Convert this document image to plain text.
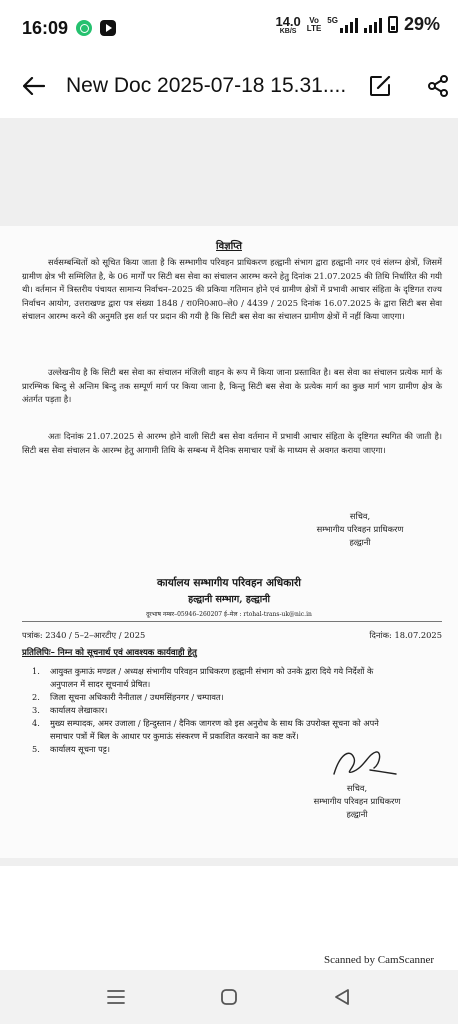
16:09	14.0
KB/S
Vo
LTE
5G	29%
New Doc 2025-07-18 15.31....
विज्ञप्ति

सर्वसम्बन्धितों को सूचित किया जाता है कि सम्भागीय परिवहन प्राधिकरण हल्द्वानी संभाग द्वारा हल्द्वानी नगर एवं संलग्न क्षेत्रों, जिसमें ग्रामीण क्षेत्र भी सम्मिलित है, के 06 मार्गों पर सिटी बस सेवा का संचालन आरम्भ करने हेतु दिनांक 21.07.2025 की तिथि निर्धारित की गयी थी। वर्तमान में त्रिस्तरीय पंचायत सामान्य निर्वाचन–2025 की प्रकिया गतिमान होने एवं ग्रामीण क्षेत्रों में प्रभावी आचार संहिता के दृष्टिगत राज्य निर्वाचन आयोग, उत्तराखण्ड द्वारा पत्र संख्या 1848 / रा0नि0आ0–ले0 / 4439 / 2025 दिनांक 16.07.2025 के द्वारा सिटी बस सेवा संचालन आरम्भ करने की अनुमति इस शर्त पर प्रदान की गयी है कि सिटी बस सेवा का संचालन ग्रामीण क्षेत्रों में नहीं किया जाएगा।

उल्लेखनीय है कि सिटी बस सेवा का संचालन मंजिली वाहन के रूप में किया जाना प्रस्तावित है। बस सेवा का संचालन प्रत्येक मार्ग के प्रारम्भिक बिन्दु से अन्तिम बिन्दु तक सम्पूर्ण मार्ग पर किया जाना है, किन्तु सिटी बस सेवा के प्रत्येक मार्ग का कुछ मार्ग भाग ग्रामीण क्षेत्र के अंतर्गत पड़ता है।

अतः दिनांक 21.07.2025 से आरम्भ होने वाली सिटी बस सेवा वर्तमान में प्रभावी आचार संहिता के दृष्टिगत स्थगित की जाती है। सिटी बस सेवा संचालन के आरम्भ हेतु आगामी तिथि के सम्बन्ध में दैनिक समाचार पत्रों के माध्यम से अवगत कराया जाएगा।

सचिव,
सम्भागीय परिवहन प्राधिकरण
हल्द्वानी
कार्यालय सम्भागीय परिवहन अधिकारी
हल्द्वानी सम्भाग, हल्द्वानी
दूरभाष नम्बर–05946–260207 ई–मेल : rtohal-trans-uk@nic.in
पत्रांक: 2340 / 5–2–आरटीए / 2025	दिनांक: 18.07.2025
प्रतिलिपिः– निम्न को सूचनार्थ एवं आवश्यक कार्यवाही हेतु
1.	आयुक्त कुमाऊं मण्डल / अध्यक्ष संभागीय परिवहन प्राधिकरण हल्द्वानी संभाग को उनके द्वारा दिये गये निर्देशों के अनुपालन में सादर सूचनार्थ प्रेषित।
2.	जिला सूचना अधिकारी नैनीताल / उधमसिंहनगर / चम्पावत।
3.	कार्यालय लेखाकार।
4.	मुख्य सम्पादक, अमर उजाला / हिन्दुस्तान / दैनिक जागरण को इस अनुरोध के साथ कि उपरोक्त सूचना को अपने समाचार पत्रों में बिल के आधार पर कुमाऊं संस्करण में प्रकाशित करवाने का कष्ट करें।
5.	कार्यालय सूचना पट्ट।
सचिव,
सम्भागीय परिवहन प्राधिकरण
हल्द्वानी
Scanned by CamScanner
